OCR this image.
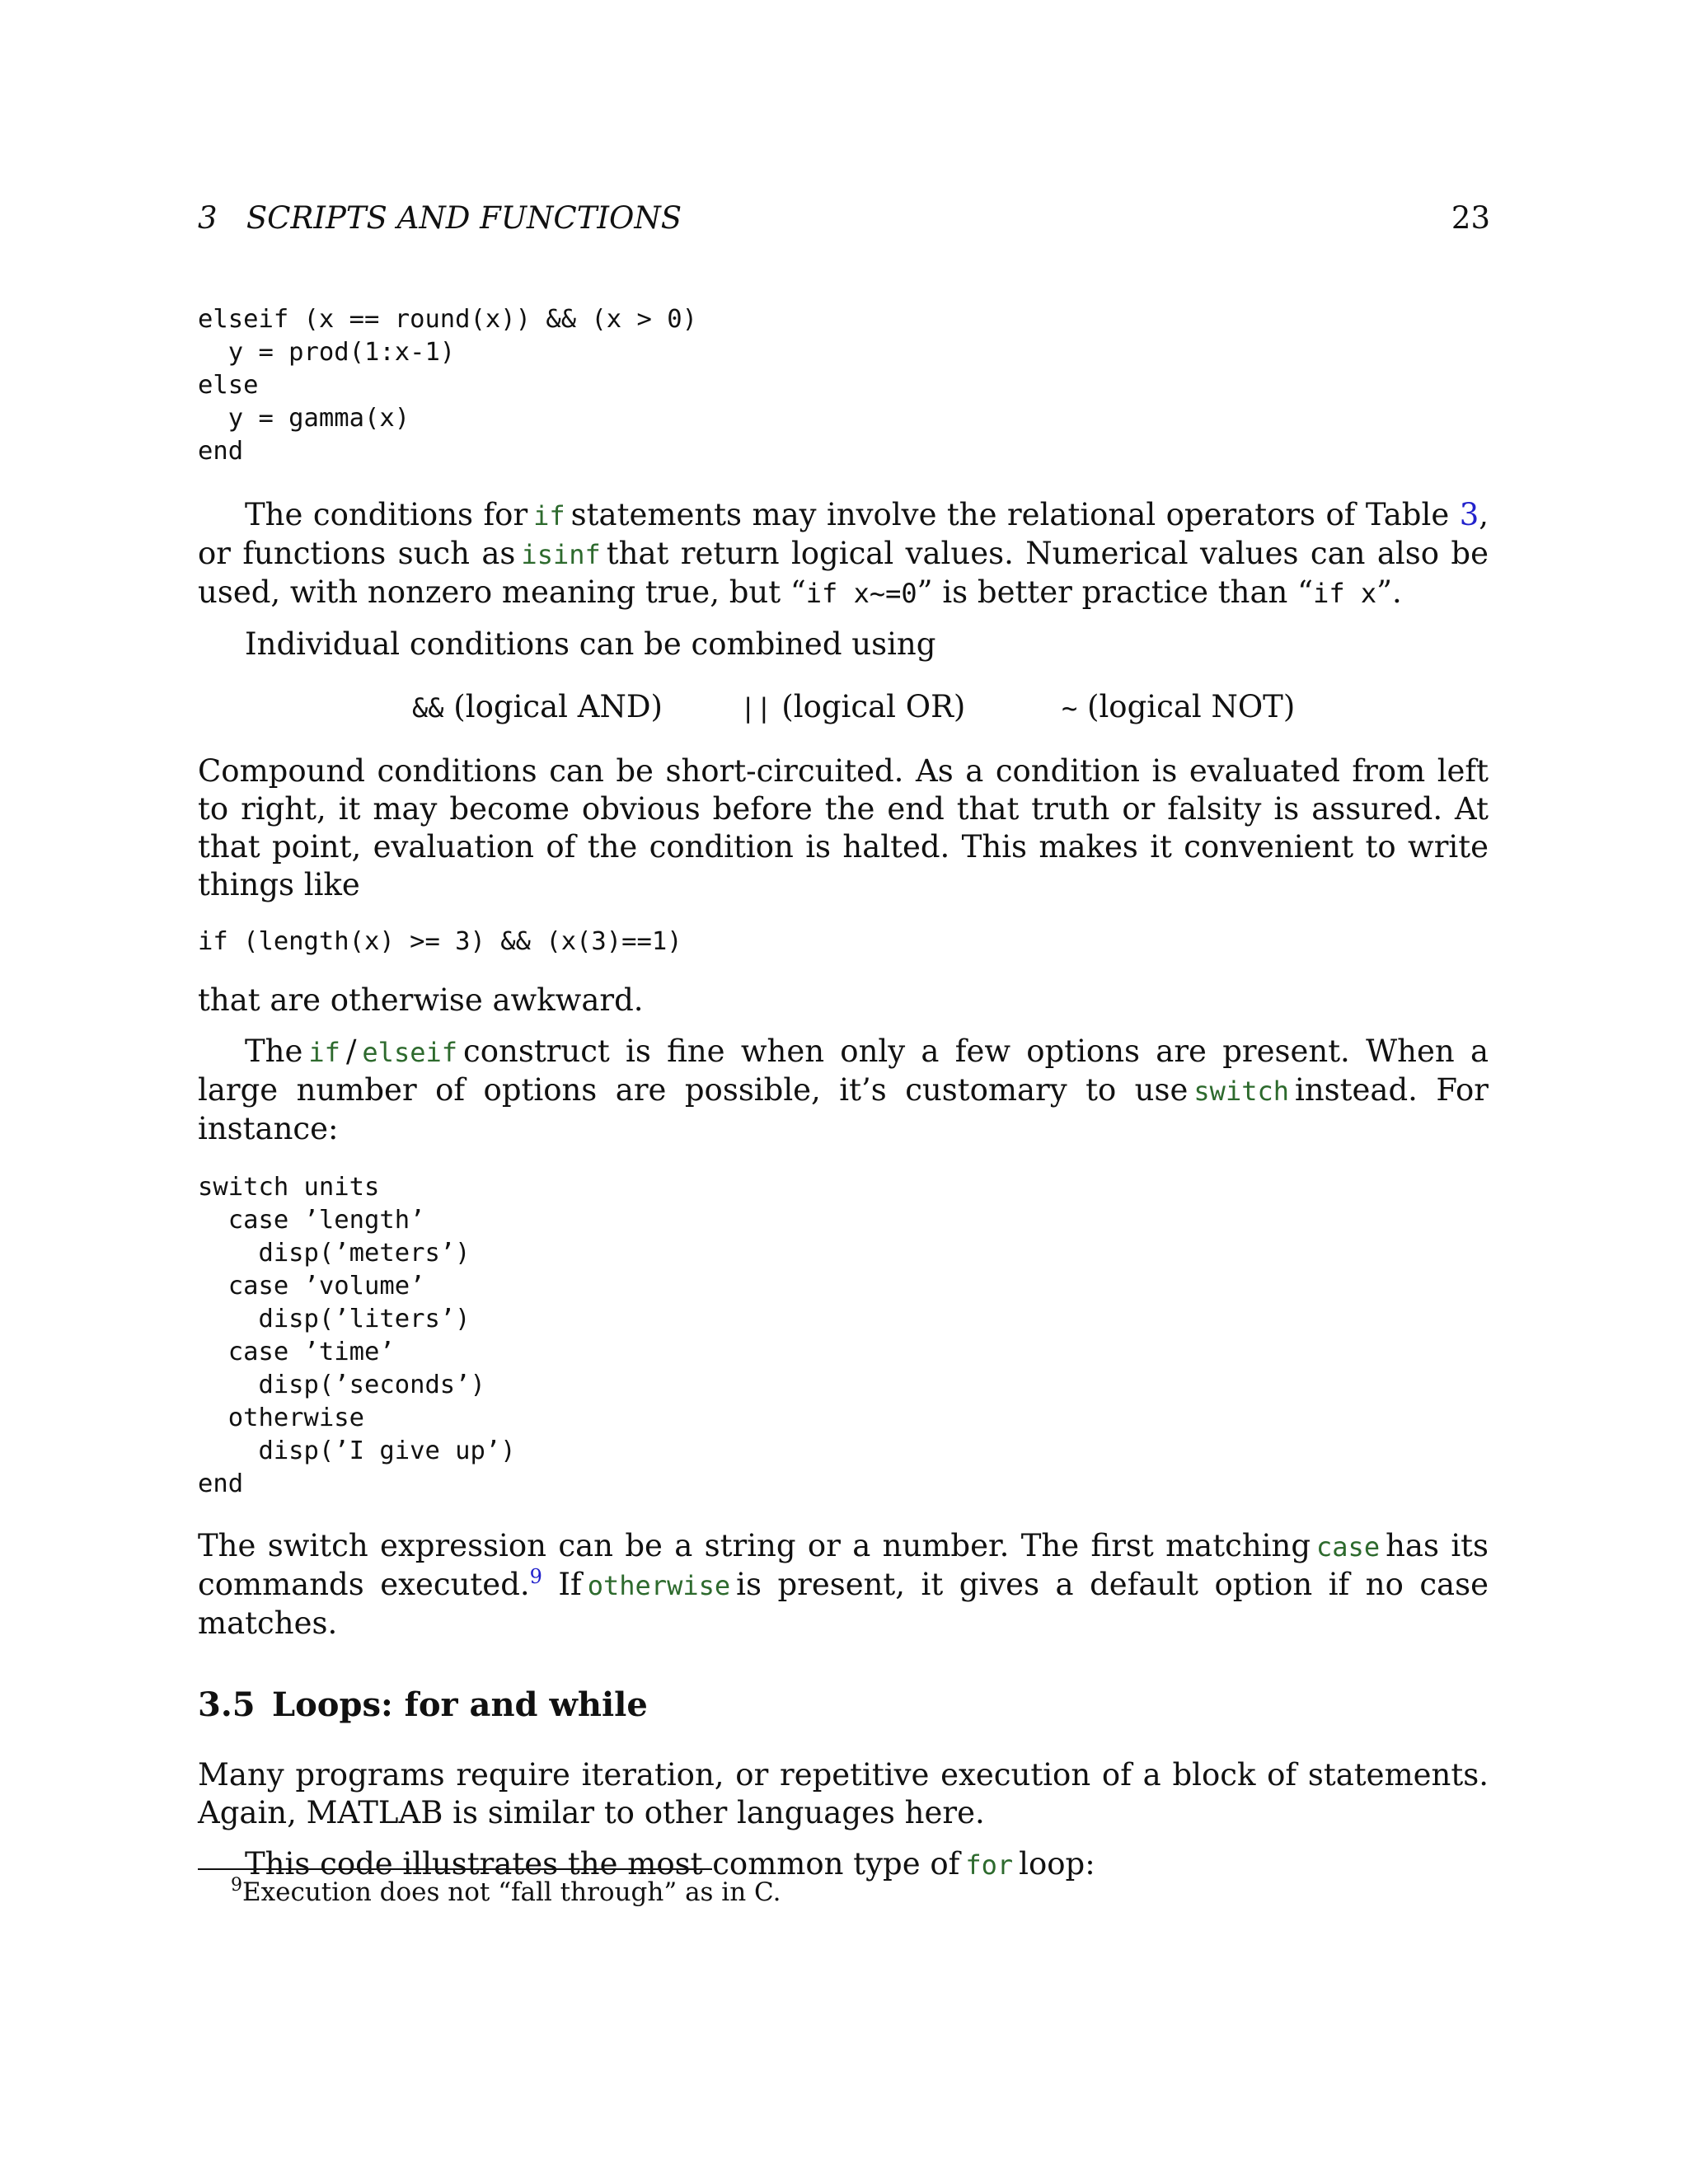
3   SCRIPTS AND FUNCTIONS	23
elseif (x == round(x)) && (x > 0)
y = prod(1:x-1)
else
y = gamma(x)
end

The conditions for if statements may involve the relational operators of Table 3, or functions such as isinf that return logical values. Numerical values can also be used, with nonzero meaning true, but “if x~=0” is better practice than “if x”.

Individual conditions can be combined using

&& (logical AND)	|| (logical OR)	~ (logical NOT)

Compound conditions can be short-circuited. As a condition is evaluated from left to right, it may become obvious before the end that truth or falsity is assured. At that point, evaluation of the condition is halted. This makes it convenient to write things like

if (length(x) >= 3) && (x(3)==1)

that are otherwise awkward.

The if / elseif construct is fine when only a few options are present. When a large number of options are possible, it’s customary to use switch instead. For instance:

switch units
case ’length’
disp(’meters’)
case ’volume’
disp(’liters’)
case ’time’
disp(’seconds’)
otherwise
disp(’I give up’)
end

The switch expression can be a string or a number. The first matching case has its commands executed.$^9$ If otherwise is present, it gives a default option if no case matches.

3.5 Loops: for and while

Many programs require iteration, or repetitive execution of a block of statements. Again, MATLAB is similar to other languages here.

This code illustrates the most common type of for loop:

$^9$Execution does not “fall through” as in C.
